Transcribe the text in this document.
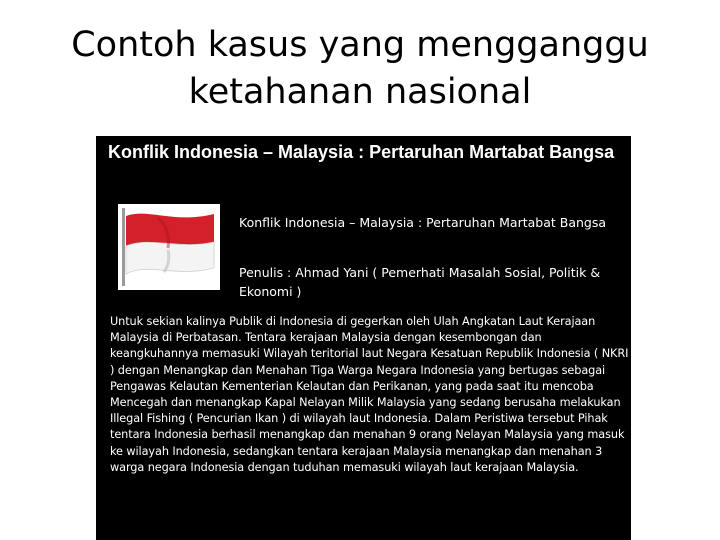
Contoh kasus yang mengganggu ketahanan nasional
Konflik Indonesia – Malaysia : Pertaruhan Martabat Bangsa
Konflik Indonesia – Malaysia : Pertaruhan Martabat Bangsa
Penulis : Ahmad Yani ( Pemerhati Masalah Sosial, Politik & Ekonomi )
Untuk sekian kalinya Publik di Indonesia di gegerkan oleh Ulah Angkatan Laut Kerajaan Malaysia di Perbatasan. Tentara kerajaan Malaysia dengan kesembongan dan keangkuhannya memasuki Wilayah teritorial laut Negara Kesatuan Republik Indonesia ( NKRI ) dengan Menangkap dan Menahan Tiga Warga Negara Indonesia yang bertugas sebagai Pengawas Kelautan Kementerian Kelautan dan Perikanan, yang pada saat itu mencoba Mencegah dan menangkap Kapal Nelayan Milik Malaysia yang sedang berusaha melakukan Illegal Fishing ( Pencurian Ikan ) di wilayah laut Indonesia. Dalam Peristiwa tersebut Pihak tentara Indonesia berhasil menangkap dan menahan 9 orang Nelayan Malaysia yang masuk ke wilayah Indonesia, sedangkan tentara kerajaan Malaysia menangkap dan menahan 3 warga negara Indonesia dengan tuduhan memasuki wilayah laut kerajaan Malaysia.
